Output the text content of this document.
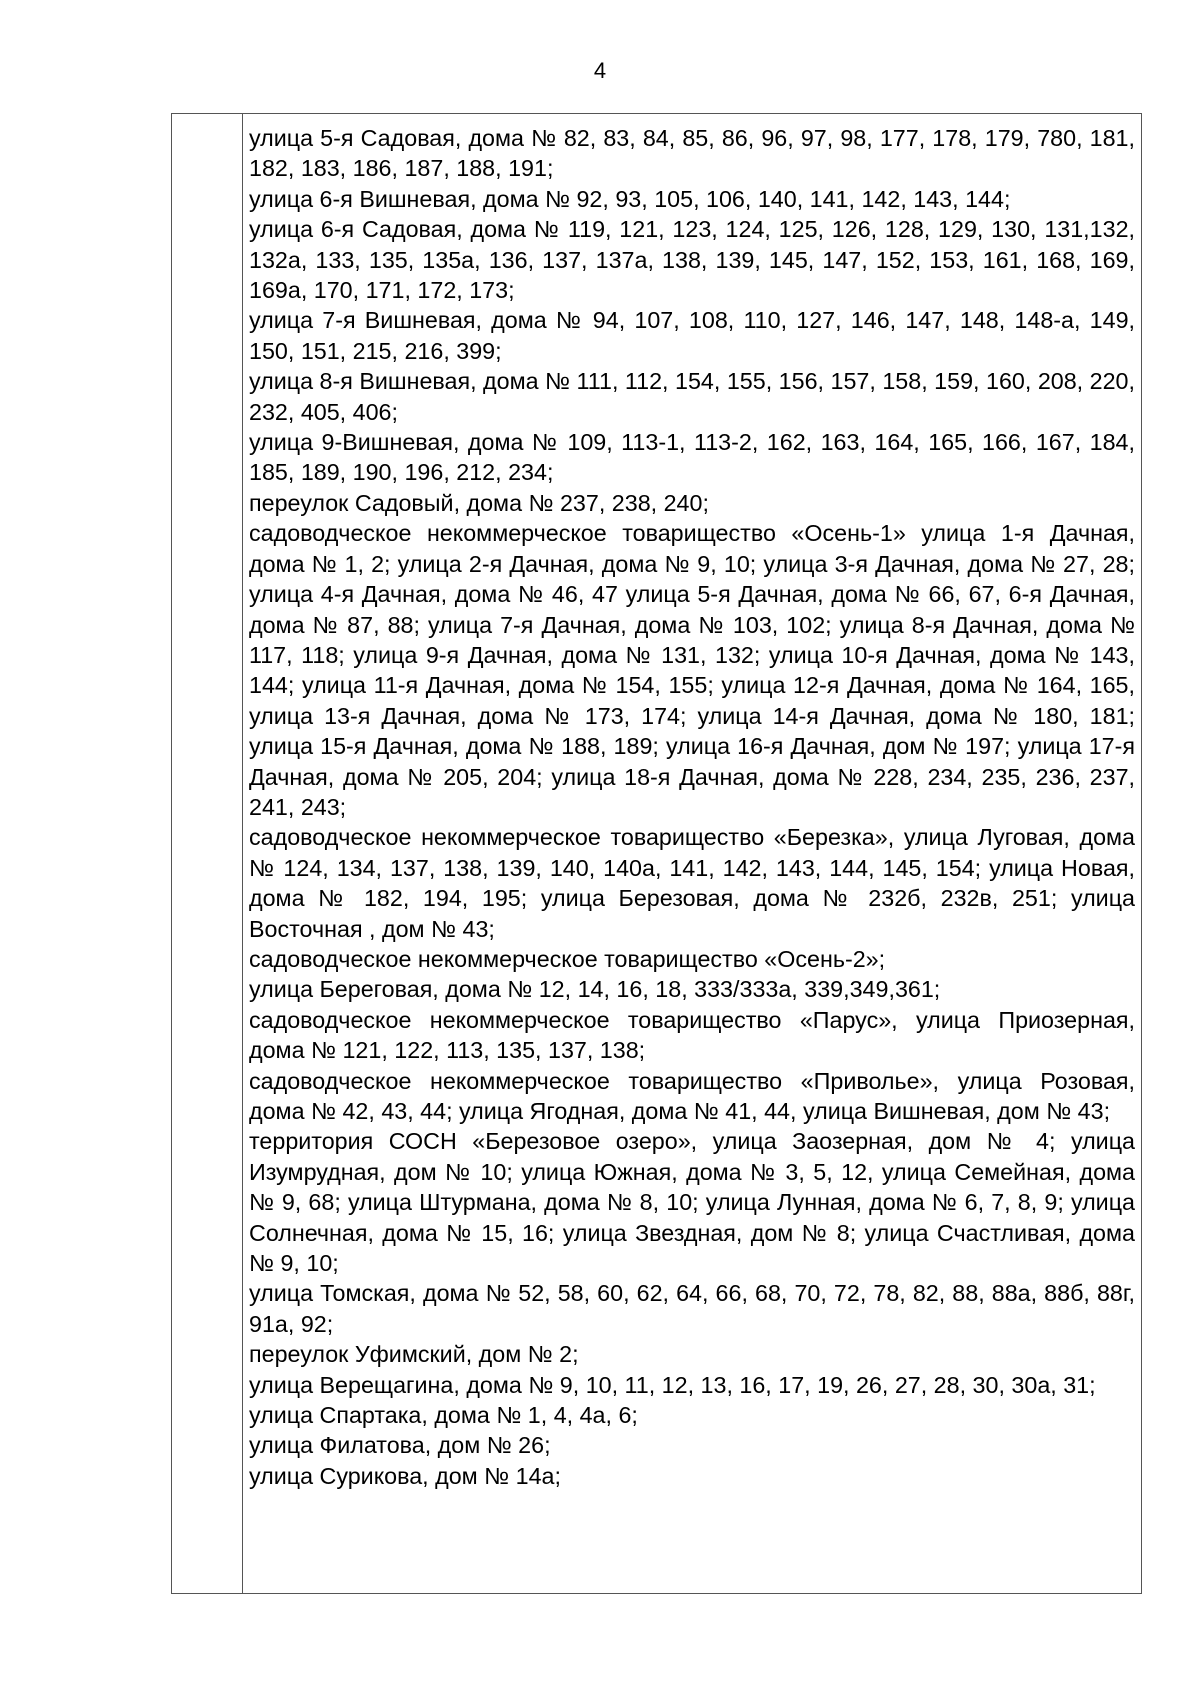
4

улица 5-я Садовая, дома № 82, 83, 84, 85, 86, 96, 97, 98, 177, 178, 179, 780, 181, 182, 183, 186, 187, 188, 191;

улица 6-я Вишневая, дома № 92, 93, 105, 106, 140, 141, 142, 143, 144;

улица 6-я Садовая, дома № 119, 121, 123, 124, 125, 126, 128, 129, 130, 131,132, 132а, 133, 135, 135а, 136, 137, 137а, 138, 139, 145, 147, 152, 153, 161, 168, 169, 169а, 170, 171, 172, 173;

улица 7-я Вишневая, дома № 94, 107, 108, 110, 127, 146, 147, 148, 148-а, 149, 150, 151, 215, 216, 399;

улица 8-я Вишневая, дома № 111, 112, 154, 155, 156, 157, 158, 159, 160, 208, 220, 232, 405, 406;

улица 9-Вишневая, дома № 109, 113-1, 113-2, 162, 163, 164, 165, 166, 167, 184, 185, 189, 190, 196, 212, 234;

переулок Садовый, дома № 237, 238, 240;

садоводческое некоммерческое товарищество «Осень-1» улица 1-я Дачная, дома № 1, 2; улица 2-я Дачная, дома № 9, 10; улица 3-я Дачная, дома № 27, 28; улица 4-я Дачная, дома № 46, 47 улица 5-я Дачная, дома № 66, 67, 6-я Дачная, дома № 87, 88; улица 7-я Дачная, дома № 103, 102; улица 8-я Дачная, дома № 117, 118; улица 9-я Дачная, дома № 131, 132; улица 10-я Дачная, дома № 143, 144; улица 11-я Дачная, дома № 154, 155; улица 12-я Дачная, дома № 164, 165, улица 13-я Дачная, дома № 173, 174; улица 14-я Дачная, дома № 180, 181; улица 15-я Дачная, дома № 188, 189; улица 16-я Дачная, дом № 197; улица 17-я Дачная, дома № 205, 204; улица 18-я Дачная, дома № 228, 234, 235, 236, 237, 241, 243;

садоводческое некоммерческое товарищество «Березка», улица Луговая, дома № 124, 134, 137, 138, 139, 140, 140а, 141, 142, 143, 144, 145, 154; улица Новая, дома № 182, 194, 195; улица Березовая, дома № 232б, 232в, 251; улица Восточная , дом № 43;

садоводческое некоммерческое товарищество «Осень-2»;

улица Береговая, дома № 12, 14, 16, 18, 333/333а, 339,349,361;

садоводческое некоммерческое товарищество «Парус», улица Приозерная, дома № 121, 122, 113, 135, 137, 138;

садоводческое некоммерческое товарищество «Приволье», улица Розовая, дома № 42, 43, 44; улица Ягодная, дома № 41, 44, улица Вишневая, дом № 43;

территория СОСН «Березовое озеро», улица Заозерная, дом № 4; улица Изумрудная, дом № 10; улица Южная, дома № 3, 5, 12, улица Семейная, дома № 9, 68; улица Штурмана, дома № 8, 10; улица Лунная, дома № 6, 7, 8, 9; улица Солнечная, дома № 15, 16; улица Звездная, дом № 8; улица Счастливая, дома № 9, 10;

улица Томская, дома № 52, 58, 60, 62, 64, 66, 68, 70, 72, 78, 82, 88, 88а, 88б, 88г, 91а, 92;

переулок Уфимский, дом № 2;

улица Верещагина, дома № 9, 10, 11, 12, 13, 16, 17, 19, 26, 27, 28, 30, 30а, 31;

улица Спартака, дома № 1, 4, 4а, 6;

улица Филатова, дом № 26;

улица Сурикова, дом № 14а;
